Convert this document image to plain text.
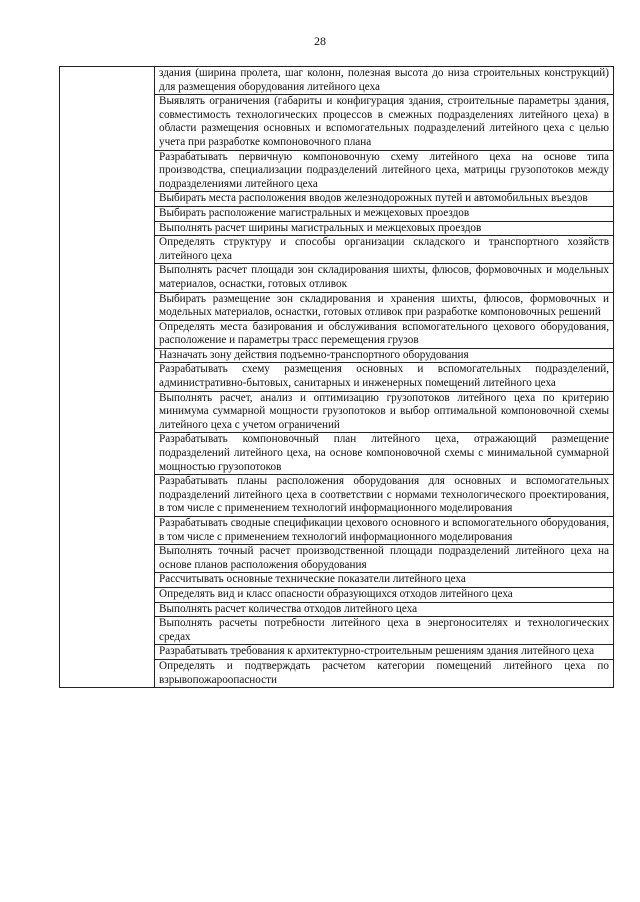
28

здания (ширина пролета, шаг колонн, полезная высота до низа строительных конструкций) для размещения оборудования литейного цеха

Выявлять ограничения (габариты и конфигурация здания, строительные параметры здания, совместимость технологических процессов в смежных подразделениях литейного цеха) в области размещения основных и вспомогательных подразделений литейного цеха с целью учета при разработке компоновочного плана

Разрабатывать первичную компоновочную схему литейного цеха на основе типа производства, специализации подразделений литейного цеха, матрицы грузопотоков между подразделениями литейного цеха

Выбирать места расположения вводов железнодорожных путей и автомобильных въездов

Выбирать расположение магистральных и межцеховых проездов

Выполнять расчет ширины магистральных и межцеховых проездов

Определять структуру и способы организации складского и транспортного хозяйств литейного цеха

Выполнять расчет площади зон складирования шихты, флюсов, формовочных и модельных материалов, оснастки, готовых отливок

Выбирать размещение зон складирования и хранения шихты, флюсов, формовочных и модельных материалов, оснастки, готовых отливок при разработке компоновочных решений

Определять места базирования и обслуживания вспомогательного цехового оборудования, расположение и параметры трасс перемещения грузов

Назначать зону действия подъемно-транспортного оборудования

Разрабатывать схему размещения основных и вспомогательных подразделений, административно-бытовых, санитарных и инженерных помещений литейного цеха

Выполнять расчет, анализ и оптимизацию грузопотоков литейного цеха по критерию минимума суммарной мощности грузопотоков и выбор оптимальной компоновочной схемы литейного цеха с учетом ограничений

Разрабатывать компоновочный план литейного цеха, отражающий размещение подразделений литейного цеха, на основе компоновочной схемы с минимальной суммарной мощностью грузопотоков

Разрабатывать планы расположения оборудования для основных и вспомогательных подразделений литейного цеха в соответствии с нормами технологического проектирования, в том числе с применением технологий информационного моделирования

Разрабатывать сводные спецификации цехового основного и вспомогательного оборудования, в том числе с применением технологий информационного моделирования

Выполнять точный расчет производственной площади подразделений литейного цеха на основе планов расположения оборудования

Рассчитывать основные технические показатели литейного цеха

Определять вид и класс опасности образующихся отходов литейного цеха

Выполнять расчет количества отходов литейного цеха

Выполнять расчеты потребности литейного цеха в энергоносителях и технологических средах

Разрабатывать требования к архитектурно-строительным решениям здания литейного цеха

Определять и подтверждать расчетом категории помещений литейного цеха по взрывопожароопасности
